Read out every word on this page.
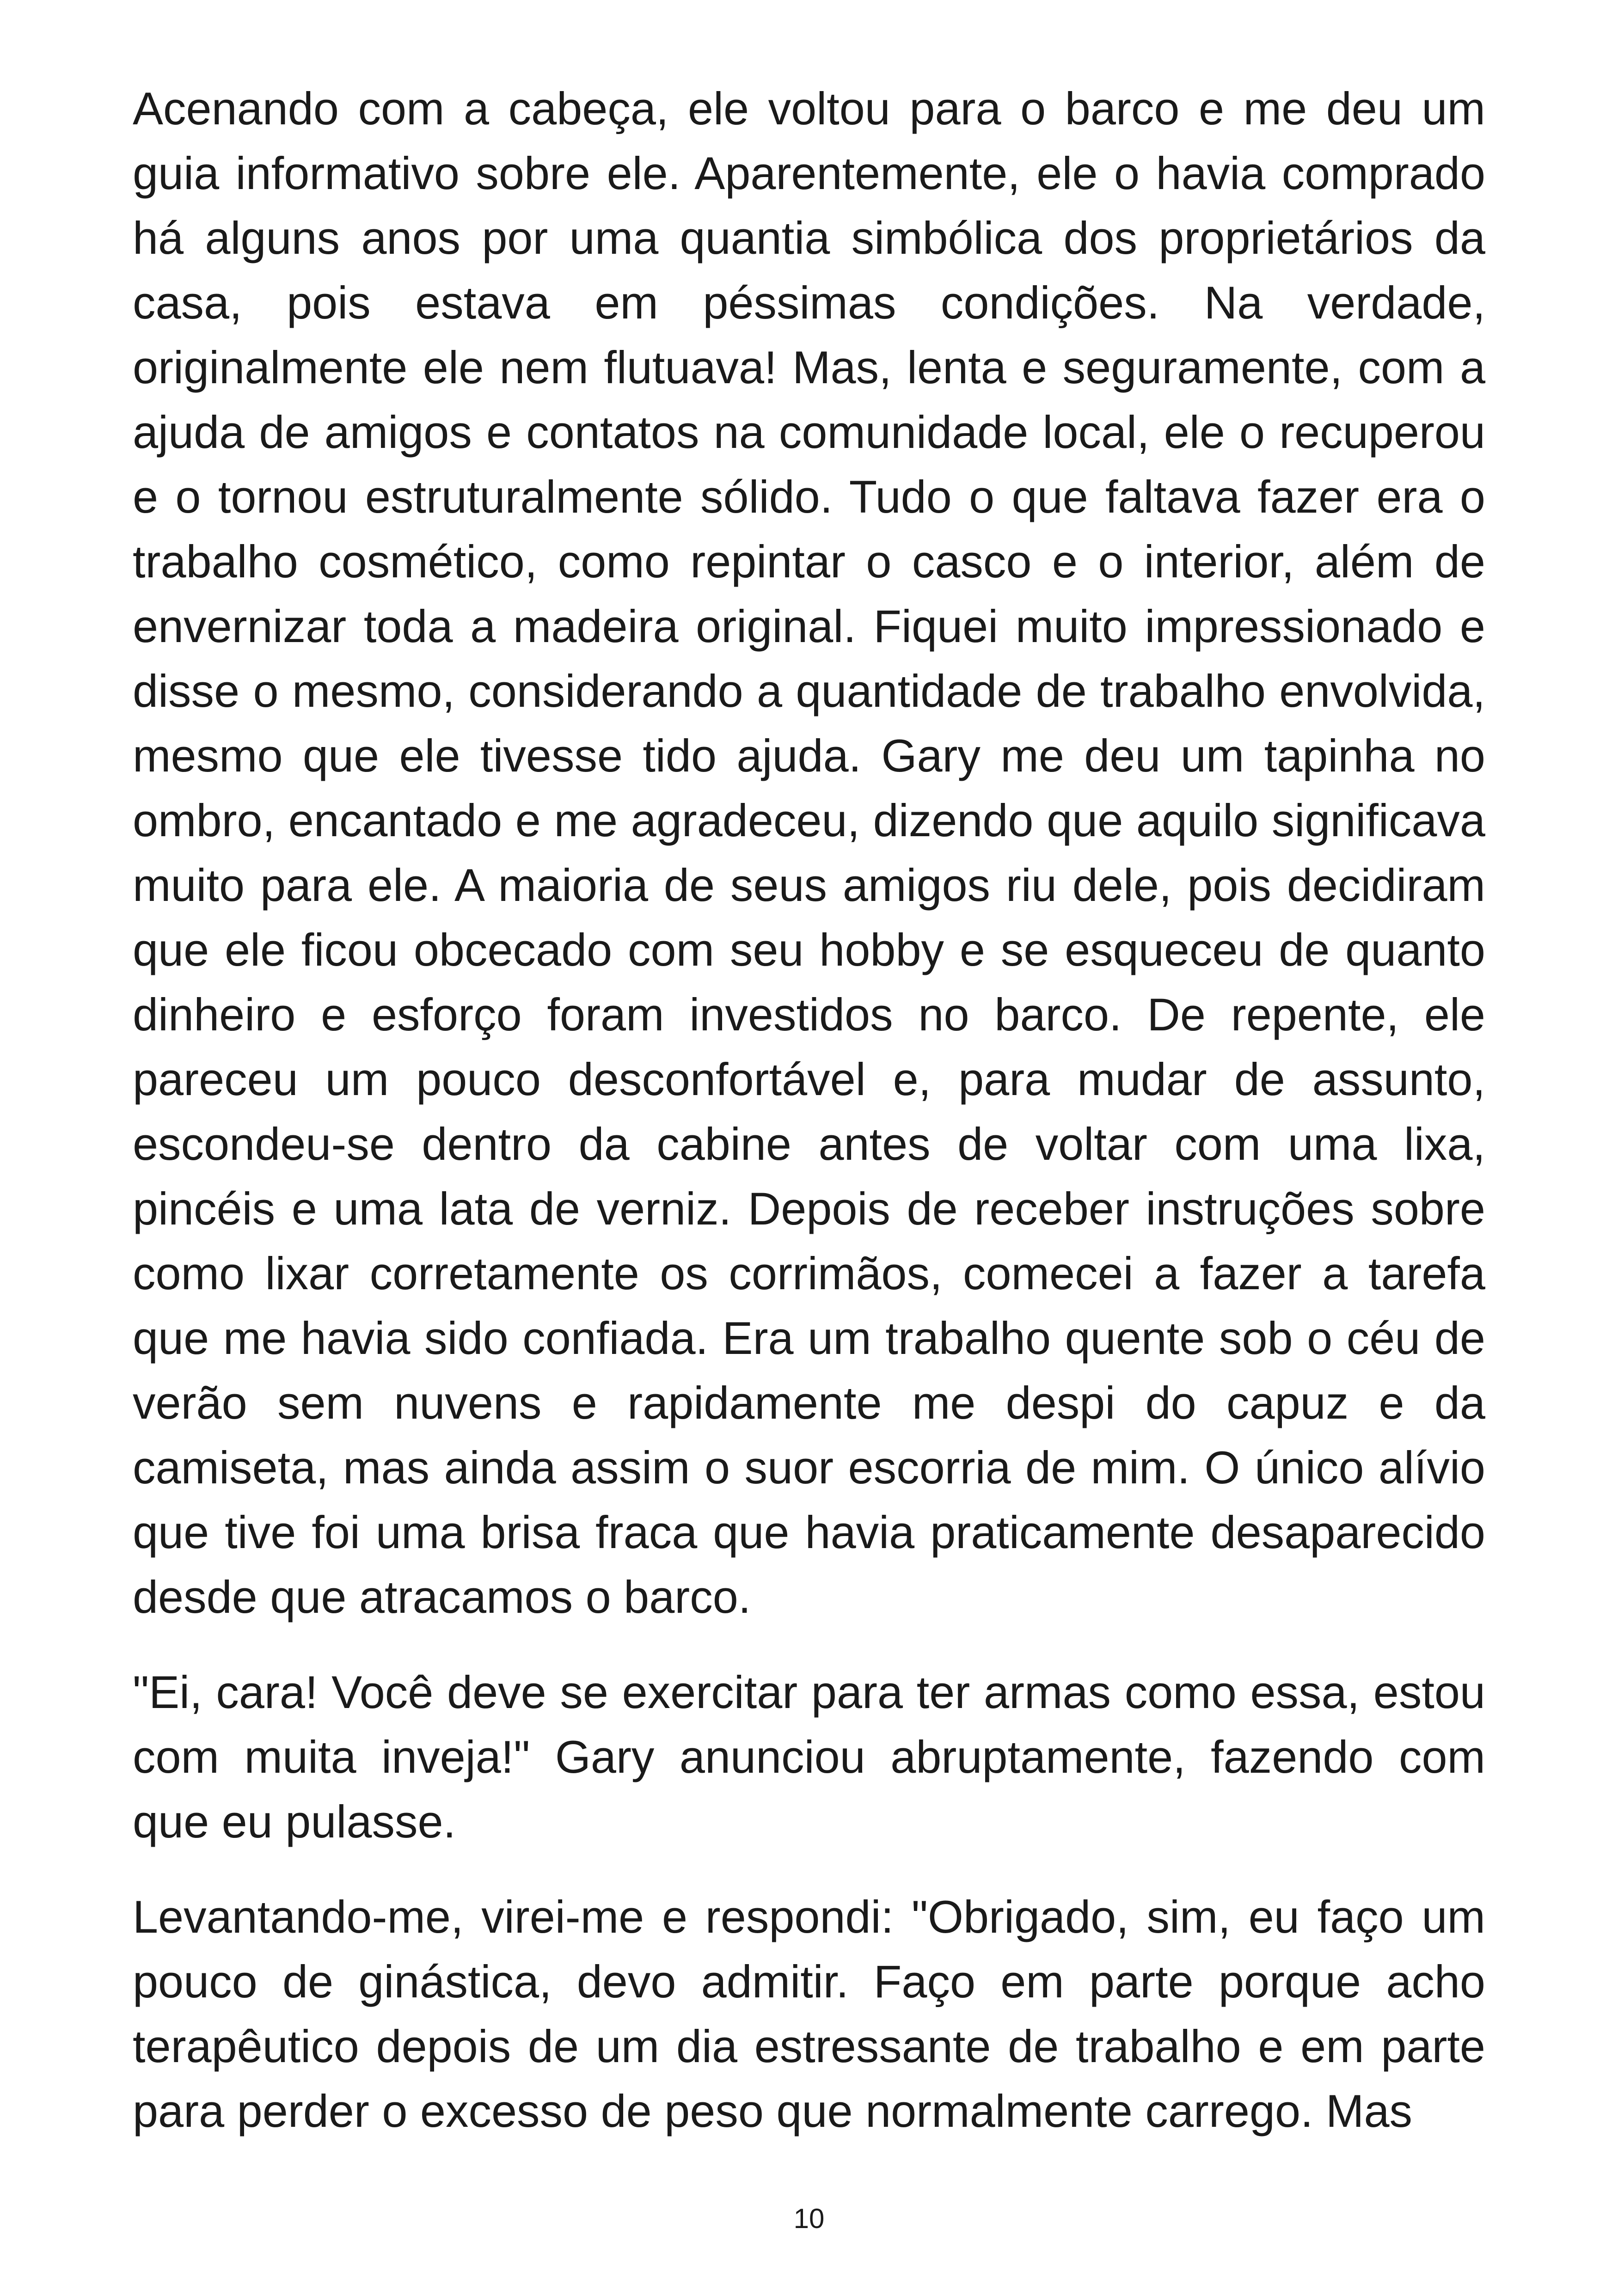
Acenando com a cabeça, ele voltou para o barco e me deu um guia informativo sobre ele. Aparentemente, ele o havia comprado há alguns anos por uma quantia simbólica dos proprietários da casa, pois estava em péssimas condições. Na verdade, originalmente ele nem flutuava! Mas, lenta e seguramente, com a ajuda de amigos e contatos na comunidade local, ele o recuperou e o tornou estruturalmente sólido. Tudo o que faltava fazer era o trabalho cosmético, como repintar o casco e o interior, além de envernizar toda a madeira original. Fiquei muito impressionado e disse o mesmo, considerando a quantidade de trabalho envolvida, mesmo que ele tivesse tido ajuda. Gary me deu um tapinha no ombro, encantado e me agradeceu, dizendo que aquilo significava muito para ele. A maioria de seus amigos riu dele, pois decidiram que ele ficou obcecado com seu hobby e se esqueceu de quanto dinheiro e esforço foram investidos no barco. De repente, ele pareceu um pouco desconfortável e, para mudar de assunto, escondeu-se dentro da cabine antes de voltar com uma lixa, pincéis e uma lata de verniz. Depois de receber instruções sobre como lixar corretamente os corrimãos, comecei a fazer a tarefa que me havia sido confiada. Era um trabalho quente sob o céu de verão sem nuvens e rapidamente me despi do capuz e da camiseta, mas ainda assim o suor escorria de mim. O único alívio que tive foi uma brisa fraca que havia praticamente desaparecido desde que atracamos o barco.

"Ei, cara! Você deve se exercitar para ter armas como essa, estou com muita inveja!" Gary anunciou abruptamente, fazendo com que eu pulasse.

Levantando-me, virei-me e respondi: "Obrigado, sim, eu faço um pouco de ginástica, devo admitir. Faço em parte porque acho terapêutico depois de um dia estressante de trabalho e em parte para perder o excesso de peso que normalmente carrego. Mas

10
